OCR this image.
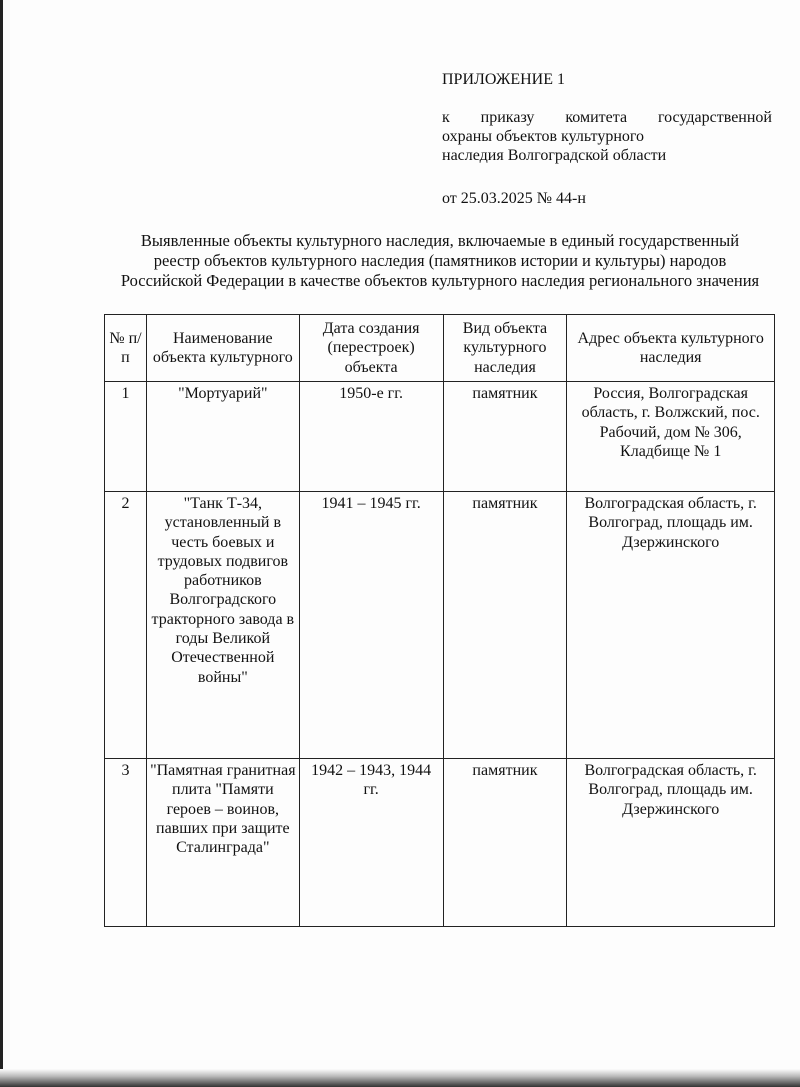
ПРИЛОЖЕНИЕ 1

к приказу комитета государственной
охраны объектов культурного
наследия Волгоградской области

от 25.03.2025 № 44-н

Выявленные объекты культурного наследия, включаемые в единый государственный реестр объектов культурного наследия (памятников истории и культуры) народов Российской Федерации в качестве объектов культурного наследия регионального значения
№ п/п	Наименование объекта культурного	Дата создания (перестроек) объекта	Вид объекта культурного наследия	Адрес объекта культурного наследия
1	"Мортуарий"	1950-е гг.	памятник	Россия, Волгоградская область, г. Волжский, пос. Рабочий, дом № 306, Кладбище № 1
2	"Танк Т-34, установленный в честь боевых и трудовых подвигов работников Волгоградского тракторного завода в годы Великой Отечественной войны"	1941 – 1945 гг.	памятник	Волгоградская область, г. Волгоград, площадь им. Дзержинского
3	"Памятная гранитная плита "Памяти героев – воинов, павших при защите Сталинграда"	1942 – 1943, 1944 гг.	памятник	Волгоградская область, г. Волгоград, площадь им. Дзержинского
